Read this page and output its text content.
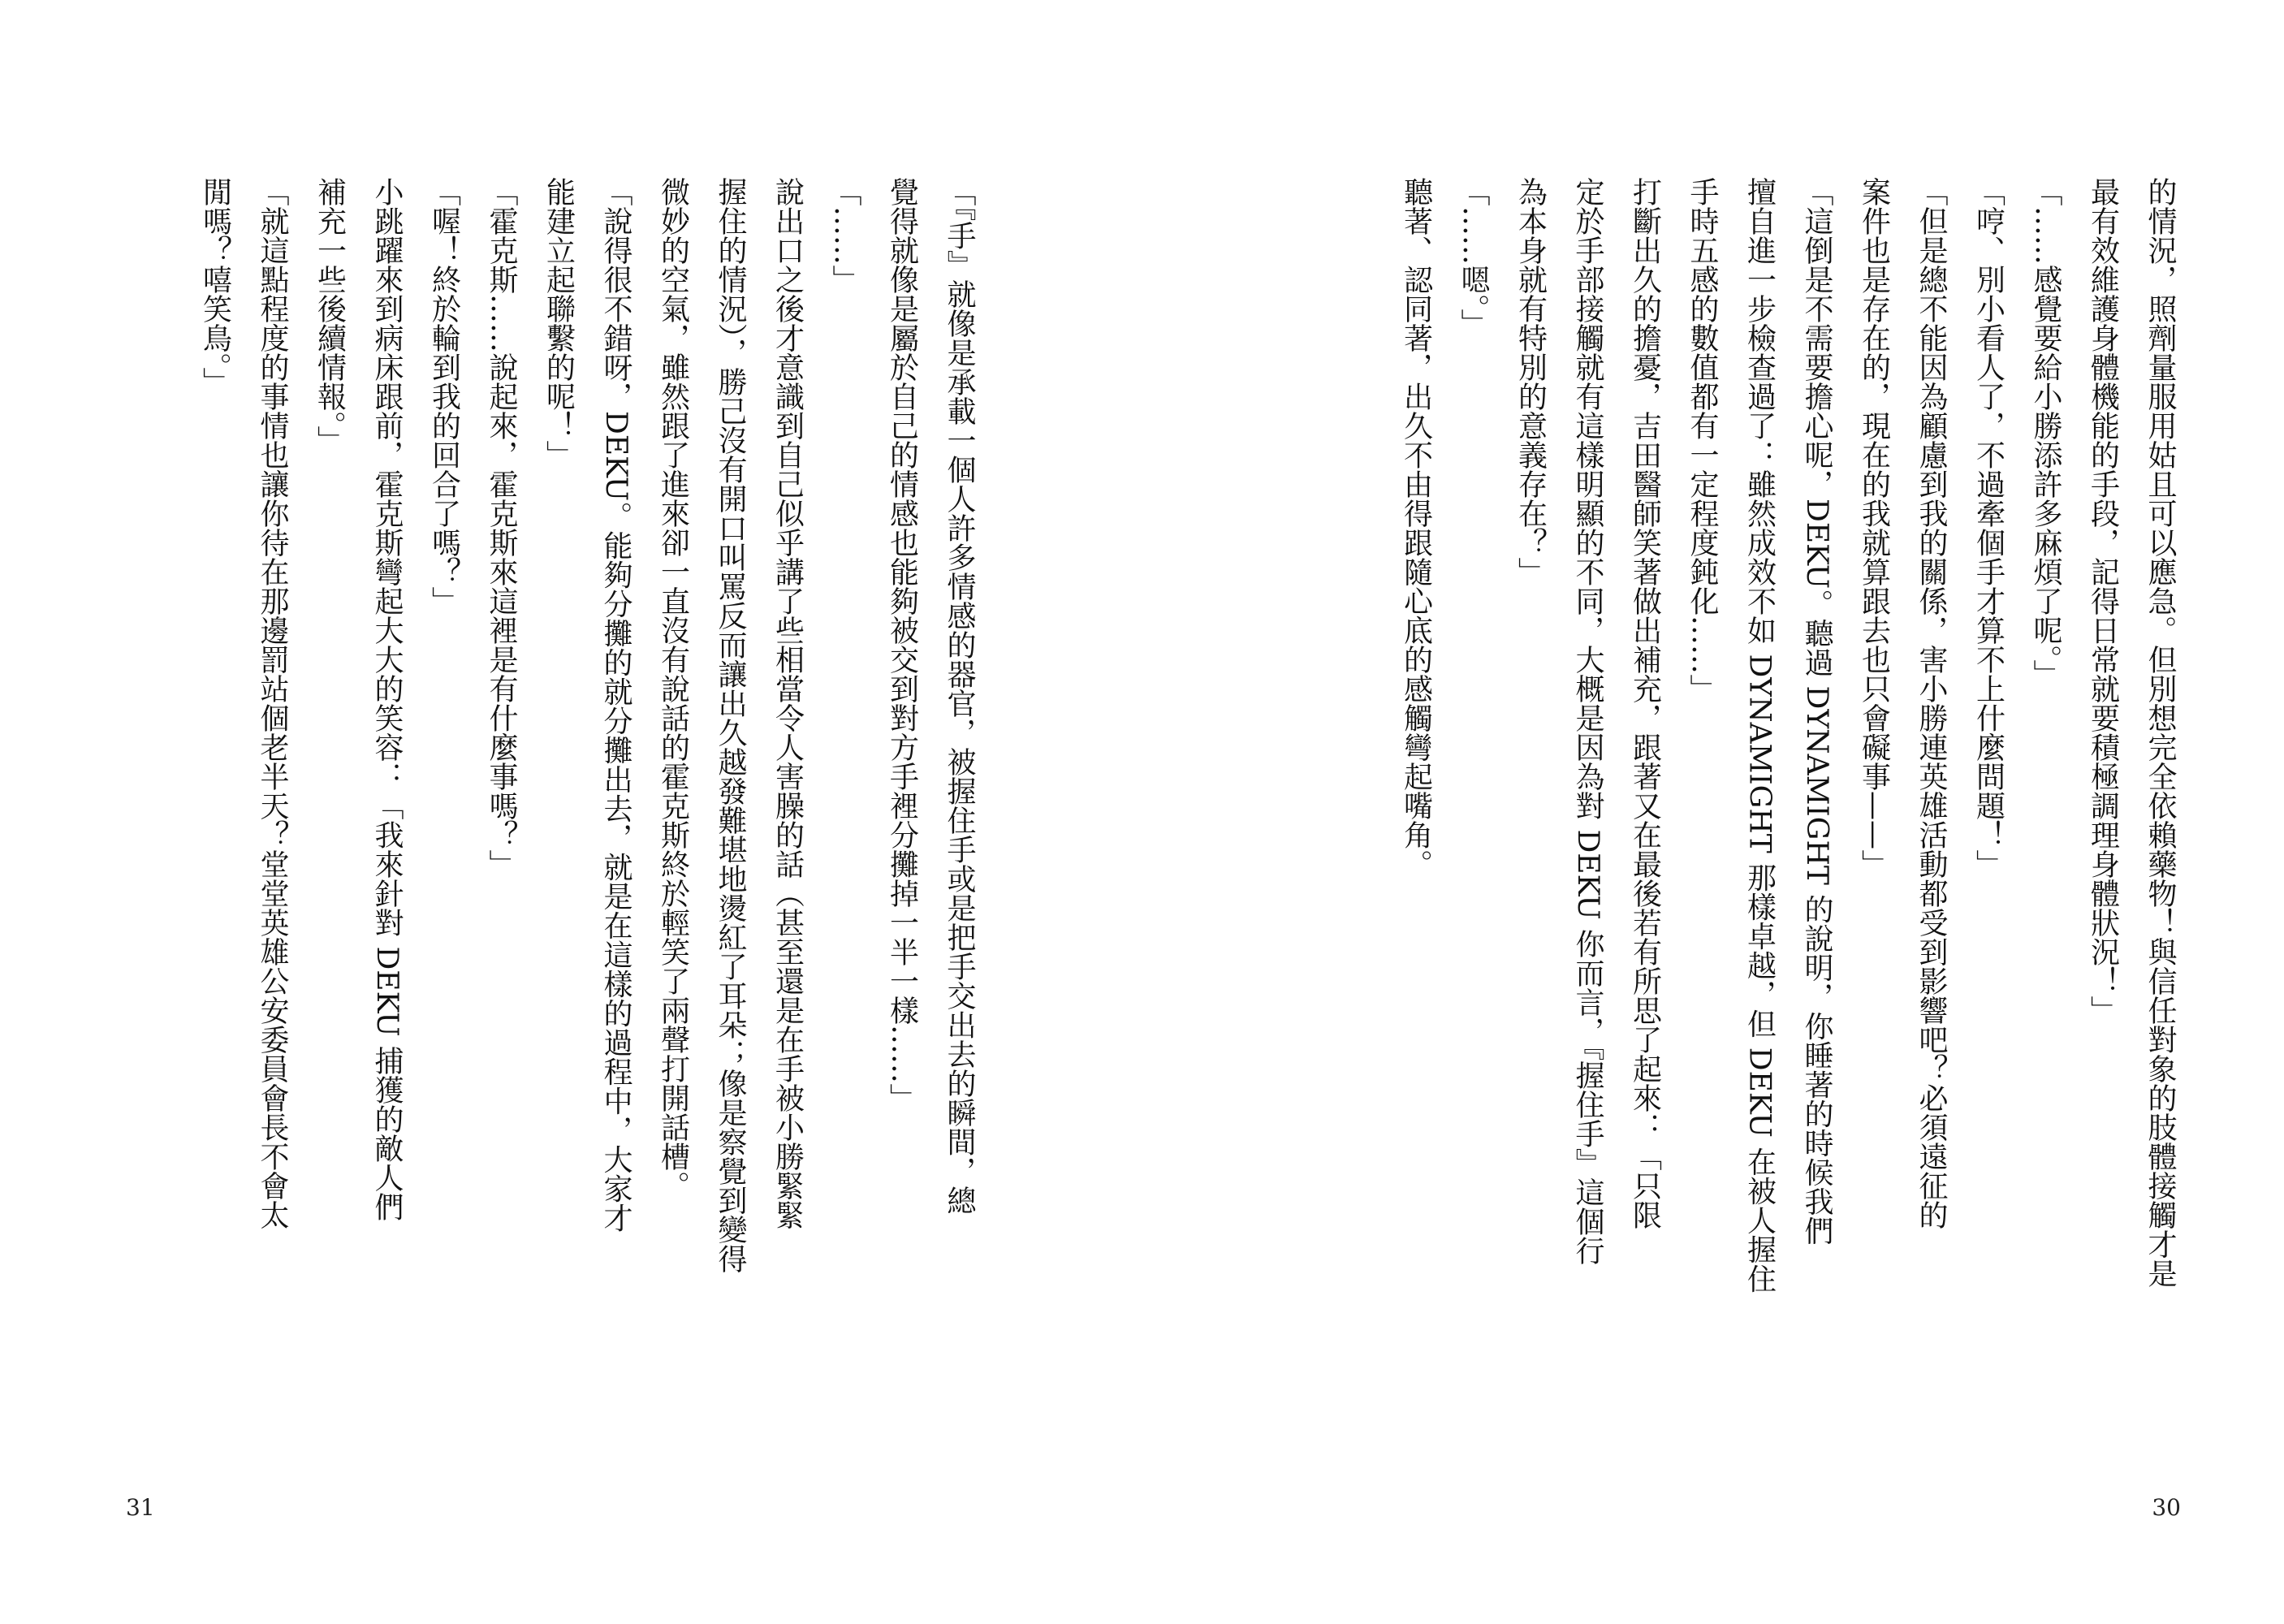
的情況，照劑量服用姑且可以應急。但別想完全依賴藥物！與信任對象的肢體接觸才是
最有效維護身體機能的手段，記得日常就要積極調理身體狀況！」
「……感覺要給小勝添許多麻煩了呢。」
「哼、別小看人了，不過牽個手才算不上什麼問題！」
「但是總不能因為顧慮到我的關係，害小勝連英雄活動都受到影響吧？必須遠征的
案件也是存在的，現在的我就算跟去也只會礙事——」
「這倒是不需要擔心呢，DEKU。聽過 DYNAMIGHT 的說明，你睡著的時候我們
擅自進一步檢查過了：雖然成效不如 DYNAMIGHT 那樣卓越，但 DEKU 在被人握住
手時五感的數值都有一定程度鈍化……」
打斷出久的擔憂，吉田醫師笑著做出補充，跟著又在最後若有所思了起來：「只限
定於手部接觸就有這樣明顯的不同，大概是因為對 DEKU 你而言，『握住手』這個行
為本身就有特別的意義存在？」
「……嗯。」
聽著、認同著，出久不由得跟隨心底的感觸彎起嘴角。
30
「『手』就像是承載一個人許多情感的器官，被握住手或是把手交出去的瞬間，總
覺得就像是屬於自己的情感也能夠被交到對方手裡分攤掉一半一樣……」
「……」
說出口之後才意識到自己似乎講了些相當令人害臊的話（甚至還是在手被小勝緊緊
握住的情況），勝己沒有開口叫罵反而讓出久越發難堪地燙紅了耳朵；像是察覺到變得
微妙的空氣，雖然跟了進來卻一直沒有說話的霍克斯終於輕笑了兩聲打開話槽。
「說得很不錯呀，DEKU。能夠分攤的就分攤出去，就是在這樣的過程中，大家才
能建立起聯繫的呢！」
「霍克斯……說起來，霍克斯來這裡是有什麼事嗎？」
「喔！終於輪到我的回合了嗎？」
小跳躍來到病床跟前，霍克斯彎起大大的笑容：「我來針對 DEKU 捕獲的敵人們
補充一些後續情報。」
「就這點程度的事情也讓你待在那邊罰站個老半天？堂堂英雄公安委員會長不會太
閒嗎？嘻笑鳥。」
31
